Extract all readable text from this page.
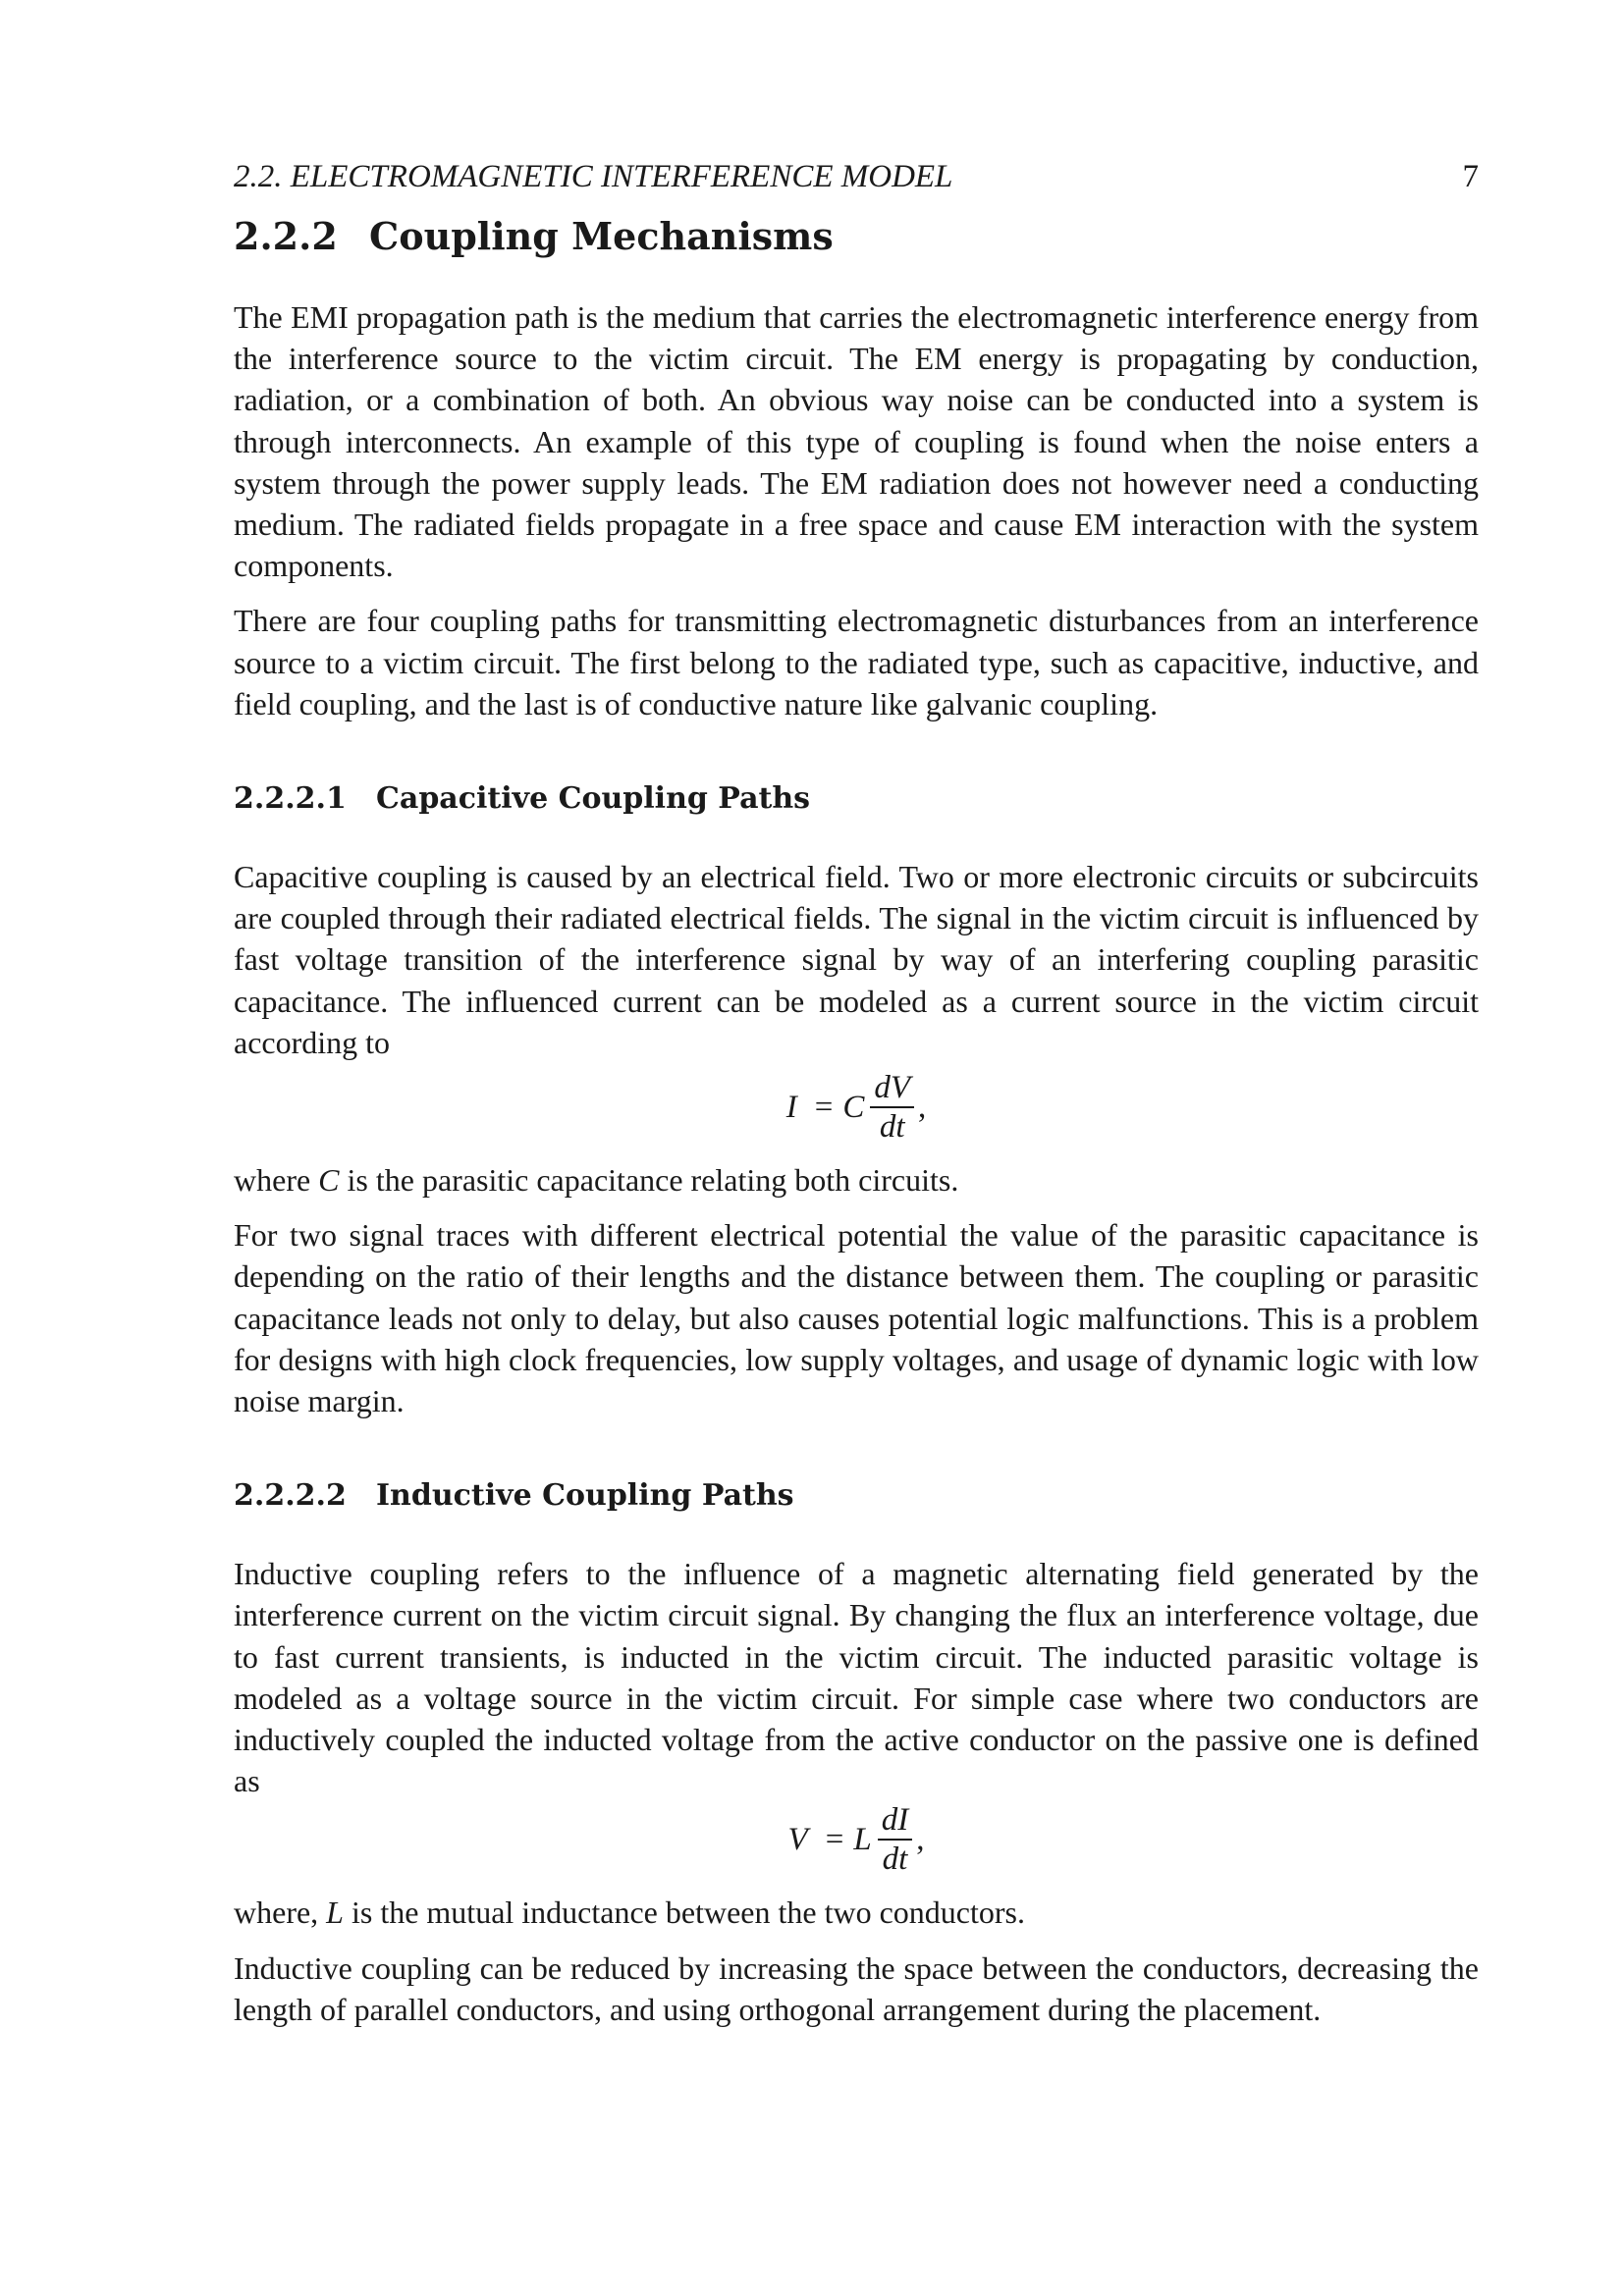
2.2. ELECTROMAGNETIC INTERFERENCE MODEL	7
2.2.2 Coupling Mechanisms

The EMI propagation path is the medium that carries the electromagnetic interference energy from the interference source to the victim circuit. The EM energy is propagating by conduction, radiation, or a combination of both. An obvious way noise can be conducted into a system is through interconnects. An example of this type of coupling is found when the noise enters a system through the power supply leads. The EM radiation does not however need a conducting medium. The radiated fields propagate in a free space and cause EM interaction with the system components.

There are four coupling paths for transmitting electromagnetic disturbances from an interference source to a victim circuit. The first belong to the radiated type, such as capacitive, inductive, and field coupling, and the last is of conductive nature like galvanic coupling.

2.2.2.1 Capacitive Coupling Paths

Capacitive coupling is caused by an electrical field. Two or more electronic circuits or subcircuits are coupled through their radiated electrical fields. The signal in the victim circuit is influenced by fast voltage transition of the interference signal by way of an interfering coupling parasitic capacitance. The influenced current can be modeled as a current source in the victim circuit according to

I = C $\frac{dV}{dt}$ ,

where C is the parasitic capacitance relating both circuits.

For two signal traces with different electrical potential the value of the parasitic capacitance is depending on the ratio of their lengths and the distance between them. The coupling or parasitic capacitance leads not only to delay, but also causes potential logic malfunctions. This is a problem for designs with high clock frequencies, low supply voltages, and usage of dynamic logic with low noise margin.

2.2.2.2 Inductive Coupling Paths

Inductive coupling refers to the influence of a magnetic alternating field generated by the interference current on the victim circuit signal. By changing the flux an interference voltage, due to fast current transients, is inducted in the victim circuit. The inducted parasitic voltage is modeled as a voltage source in the victim circuit. For simple case where two conductors are inductively coupled the inducted voltage from the active conductor on the passive one is defined as

V = L $\frac{dI}{dt}$ ,

where, L is the mutual inductance between the two conductors.

Inductive coupling can be reduced by increasing the space between the conductors, decreasing the length of parallel conductors, and using orthogonal arrangement during the placement.
